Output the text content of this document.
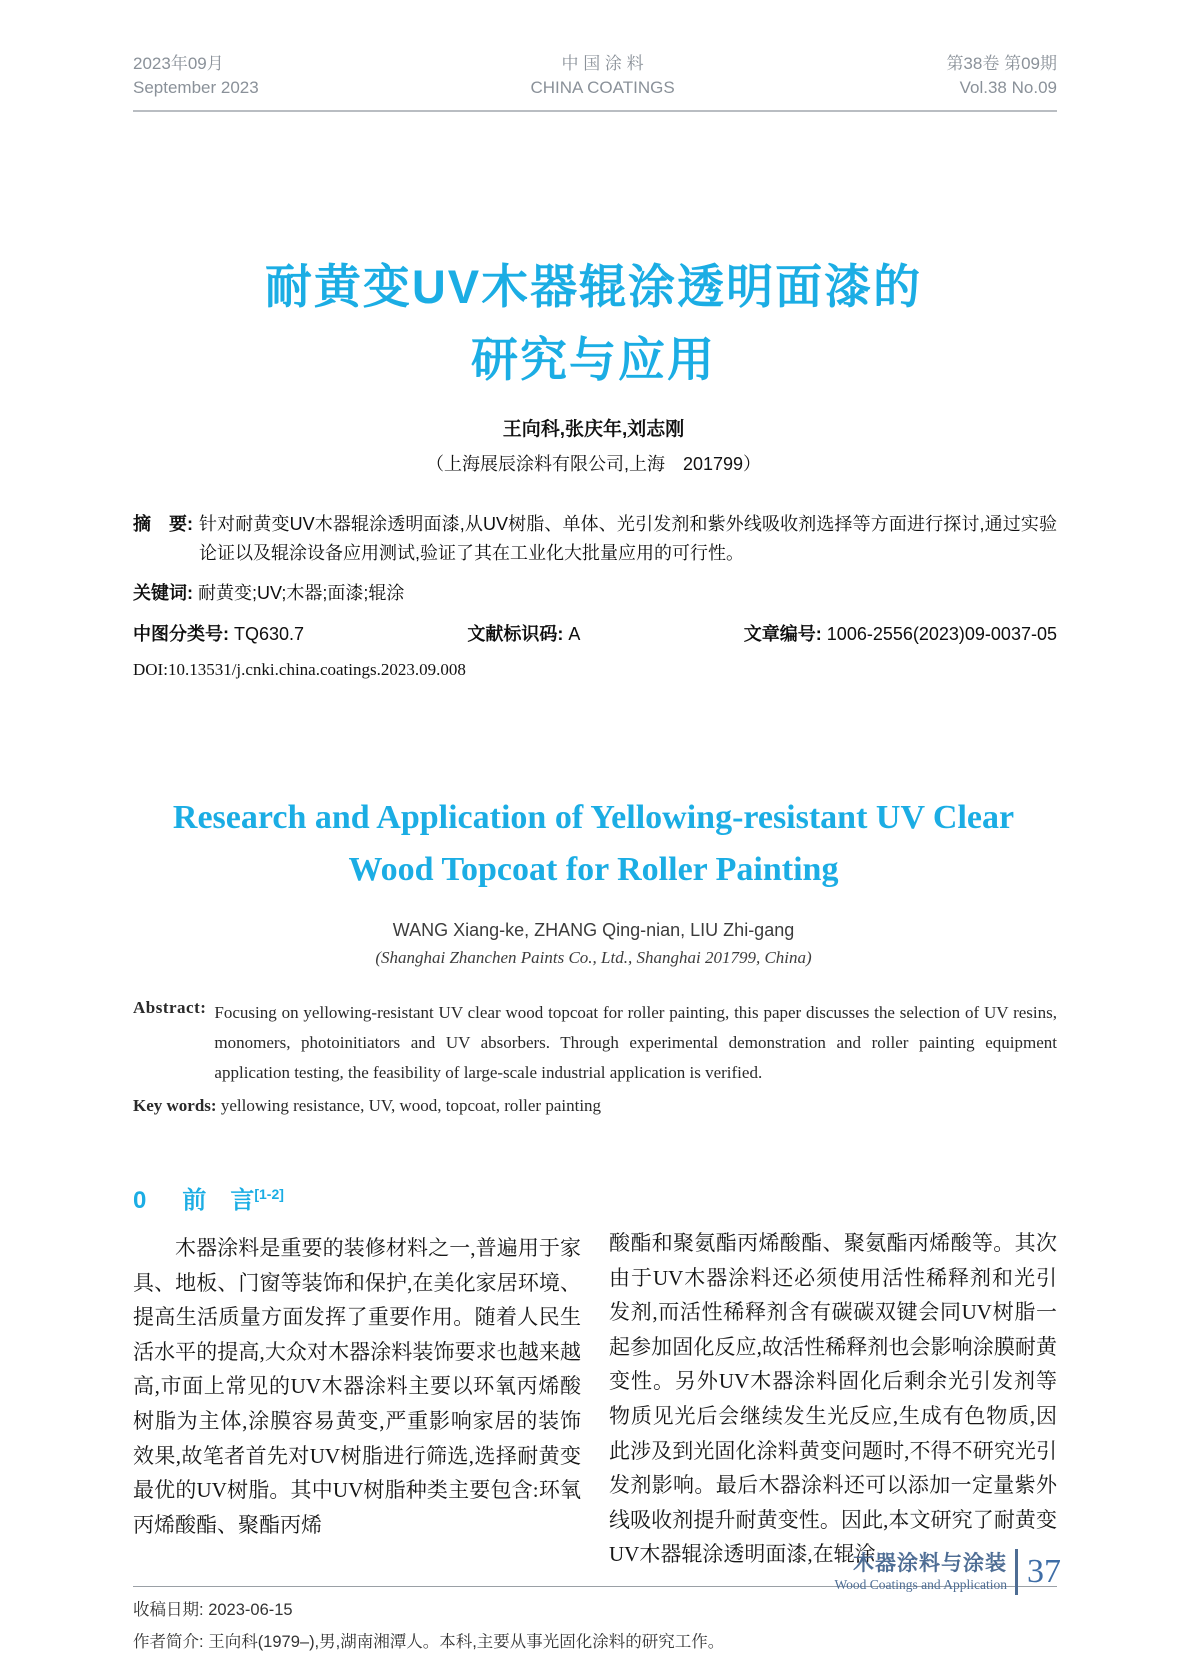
2023年09月
September 2023
中 国 涂 料
CHINA COATINGS
第38卷 第09期
Vol.38 No.09
耐黄变UV木器辊涂透明面漆的
研究与应用
王向科,张庆年,刘志刚
（上海展辰涂料有限公司,上海　201799）
摘　要: 针对耐黄变UV木器辊涂透明面漆,从UV树脂、单体、光引发剂和紫外线吸收剂选择等方面进行探讨,通过实验论证以及辊涂设备应用测试,验证了其在工业化大批量应用的可行性。
关键词: 耐黄变;UV;木器;面漆;辊涂
中图分类号: TQ630.7	文献标识码: A	文章编号: 1006-2556(2023)09-0037-05
DOI:10.13531/j.cnki.china.coatings.2023.09.008
Research and Application of Yellowing-resistant UV Clear
Wood Topcoat for Roller Painting
WANG Xiang-ke, ZHANG Qing-nian, LIU Zhi-gang
(Shanghai Zhanchen Paints Co., Ltd., Shanghai 201799, China)
Abstract: Focusing on yellowing-resistant UV clear wood topcoat for roller painting, this paper discusses the selection of UV resins, monomers, photoinitiators and UV absorbers. Through experimental demonstration and roller painting equipment application testing, the feasibility of large-scale industrial application is verified.
Key words: yellowing resistance, UV, wood, topcoat, roller painting
0 前　言[1-2]

木器涂料是重要的装修材料之一,普遍用于家具、地板、门窗等装饰和保护,在美化家居环境、提高生活质量方面发挥了重要作用。随着人民生活水平的提高,大众对木器涂料装饰要求也越来越高,市面上常见的UV木器涂料主要以环氧丙烯酸树脂为主体,涂膜容易黄变,严重影响家居的装饰效果,故笔者首先对UV树脂进行筛选,选择耐黄变最优的UV树脂。其中UV树脂种类主要包含:环氧丙烯酸酯、聚酯丙烯

酸酯和聚氨酯丙烯酸酯、聚氨酯丙烯酸等。其次由于UV木器涂料还必须使用活性稀释剂和光引发剂,而活性稀释剂含有碳碳双键会同UV树脂一起参加固化反应,故活性稀释剂也会影响涂膜耐黄变性。另外UV木器涂料固化后剩余光引发剂等物质见光后会继续发生光反应,生成有色物质,因此涉及到光固化涂料黄变问题时,不得不研究光引发剂影响。最后木器涂料还可以添加一定量紫外线吸收剂提升耐黄变性。因此,本文研究了耐黄变UV木器辊涂透明面漆,在辊涂

收稿日期: 2023-06-15
作者简介: 王向科(1979–),男,湖南湘潭人。本科,主要从事光固化涂料的研究工作。
木器涂料与涂装
Wood Coatings and Application 37
